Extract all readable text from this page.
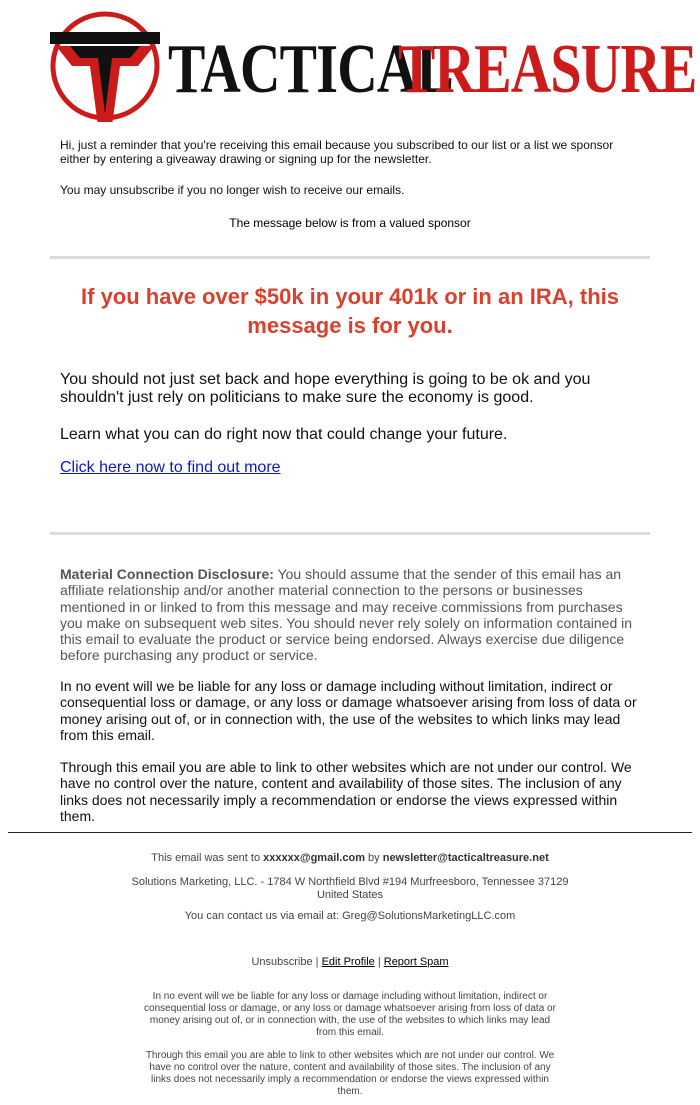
TACTICAL
TREASURE
Hi, just a reminder that you're receiving this email because you subscribed to our list or a list we sponsor either by entering a giveaway drawing or signing up for the newsletter.
You may unsubscribe if you no longer wish to receive our emails.
The message below is from a valued sponsor
If you have over $50k in your 401k or in an IRA, this message is for you.
You should not just set back and hope everything is going to be ok and you shouldn't just rely on politicians to make sure the economy is good.
Learn what you can do right now that could change your future.
Click here now to find out more
Material Connection Disclosure: You should assume that the sender of this email has an affiliate relationship and/or another material connection to the persons or businesses mentioned in or linked to from this message and may receive commissions from purchases you make on subsequent web sites. You should never rely solely on information contained in this email to evaluate the product or service being endorsed. Always exercise due diligence before purchasing any product or service.
In no event will we be liable for any loss or damage including without limitation, indirect or consequential loss or damage, or any loss or damage whatsoever arising from loss of data or money arising out of, or in connection with, the use of the websites to which links may lead from this email.
Through this email you are able to link to other websites which are not under our control. We have no control over the nature, content and availability of those sites. The inclusion of any links does not necessarily imply a recommendation or endorse the views expressed within them.
This email was sent to xxxxxx@gmail.com by newsletter@tacticaltreasure.net
Solutions Marketing, LLC. - 1784 W Northfield Blvd #194 Murfreesboro, Tennessee 37129 United States
You can contact us via email at: Greg@SolutionsMarketingLLC.com
Unsubscribe | Edit Profile | Report Spam
In no event will we be liable for any loss or damage including without limitation, indirect or consequential loss or damage, or any loss or damage whatsoever arising from loss of data or money arising out of, or in connection with, the use of the websites to which links may lead from this email.
Through this email you are able to link to other websites which are not under our control. We have no control over the nature, content and availability of those sites. The inclusion of any links does not necessarily imply a recommendation or endorse the views expressed within them.
